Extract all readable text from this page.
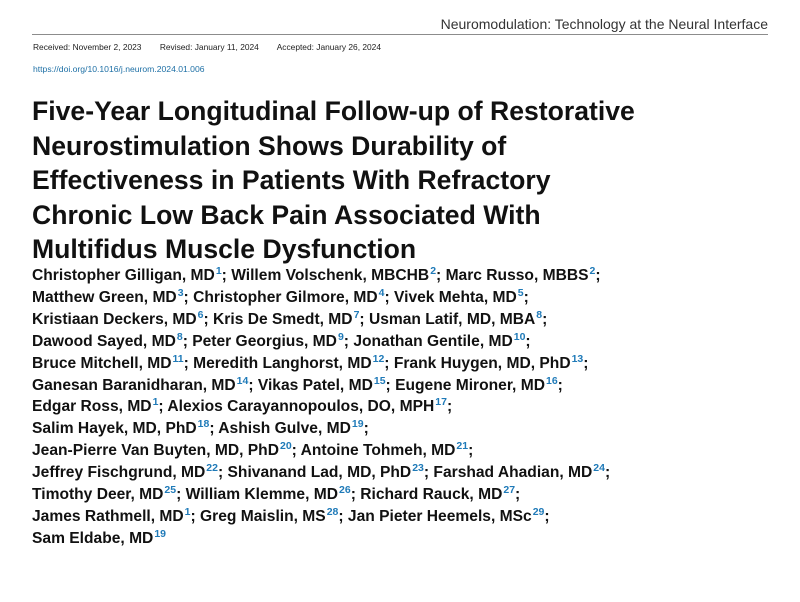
Neuromodulation: Technology at the Neural Interface
Received: November 2, 2023 Revised: January 11, 2024 Accepted: January 26, 2024
https://doi.org/10.1016/j.neurom.2024.01.006
Five-Year Longitudinal Follow-up of Restorative
Neurostimulation Shows Durability of
Effectiveness in Patients With Refractory
Chronic Low Back Pain Associated With
Multifidus Muscle Dysfunction
Christopher Gilligan, $MD^1$; Willem Volschenk, MBCHB$^2$; Marc Russo, MBBS$^2$;
Matthew Green, $MD^3$; Christopher Gilmore, $MD^4$; Vivek Mehta, $MD^5$;
Kristiaan Deckers, $MD^6$; Kris De Smedt, $MD^7$; Usman Latif, MD, MBA$^8$;
Dawood Sayed, $MD^8$; Peter Georgius, $MD^9$; Jonathan Gentile, MD$^{10}$;
Bruce Mitchell, MD$^{11}$; Meredith Langhorst, MD$^{12}$; Frank Huygen, MD, PhD$^{13}$;
Ganesan Baranidharan, MD$^{14}$; Vikas Patel, MD$^{15}$; Eugene Mironer, MD$^{16}$;
Edgar Ross, $MD^1$; Alexios Carayannopoulos, DO, MPH$^{17}$;
Salim Hayek, MD, PhD$^{18}$; Ashish Gulve, MD$^{19}$;
Jean-Pierre Van Buyten, MD, PhD$^{20}$; Antoine Tohmeh, MD$^{21}$;
Jeffrey Fischgrund, MD$^{22}$; Shivanand Lad, MD, PhD$^{23}$; Farshad Ahadian, MD$^{24}$;
Timothy Deer, MD$^{25}$; William Klemme, MD$^{26}$; Richard Rauck, MD$^{27}$;
James Rathmell, $MD^1$; Greg Maislin, MS$^{28}$; Jan Pieter Heemels, MSc$^{29}$;
Sam Eldabe, MD$^{19}$
